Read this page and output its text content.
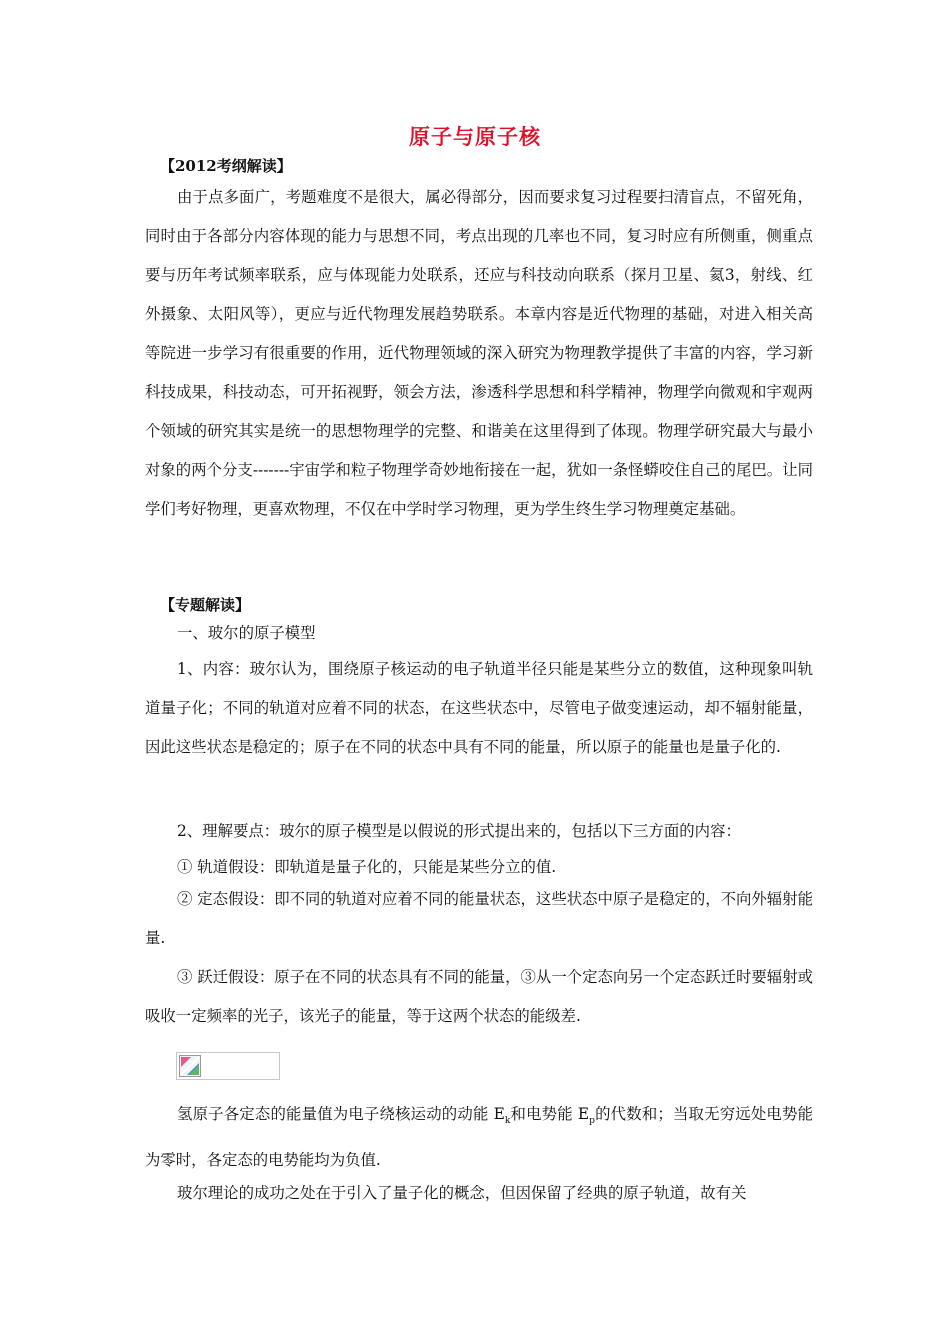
原子与原子核
【2012考纲解读】

由于点多面广，考题难度不是很大，属必得部分，因而要求复习过程要扫清盲点，不留死角，同时由于各部分内容体现的能力与思想不同，考点出现的几率也不同，复习时应有所侧重，侧重点要与历年考试频率联系，应与体现能力处联系，还应与科技动向联系（探月卫星、氦3，射线、红外摄象、太阳风等），更应与近代物理发展趋势联系。本章内容是近代物理的基础，对进入相关高等院进一步学习有很重要的作用，近代物理领域的深入研究为物理教学提供了丰富的内容，学习新科技成果，科技动态，可开拓视野，领会方法，渗透科学思想和科学精神，物理学向微观和宇观两个领域的研究其实是统一的思想物理学的完整、和谐美在这里得到了体现。物理学研究最大与最小对象的两个分支-------宇宙学和粒子物理学奇妙地衔接在一起，犹如一条怪蟒咬住自己的尾巴。让同学们考好物理，更喜欢物理，不仅在中学时学习物理，更为学生终生学习物理奠定基础。

【专题解读】
一、玻尔的原子模型

1、内容：玻尔认为，围绕原子核运动的电子轨道半径只能是某些分立的数值，这种现象叫轨道量子化；不同的轨道对应着不同的状态，在这些状态中，尽管电子做变速运动，却不辐射能量，因此这些状态是稳定的；原子在不同的状态中具有不同的能量，所以原子的能量也是量子化的.

2、理解要点：玻尔的原子模型是以假说的形式提出来的，包括以下三方面的内容：
① 轨道假设：即轨道是量子化的，只能是某些分立的值.

② 定态假设：即不同的轨道对应着不同的能量状态，这些状态中原子是稳定的，不向外辐射能量.

③ 跃迁假设：原子在不同的状态具有不同的能量，③从一个定态向另一个定态跃迁时要辐射或吸收一定频率的光子，该光子的能量，等于这两个状态的能级差.

氢原子各定态的能量值为电子绕核运动的动能 $E_k$和电势能 $E_p$的代数和；当取无穷远处电势能为零时，各定态的电势能均为负值.

玻尔理论的成功之处在于引入了量子化的概念，但因保留了经典的原子轨道，故有关
